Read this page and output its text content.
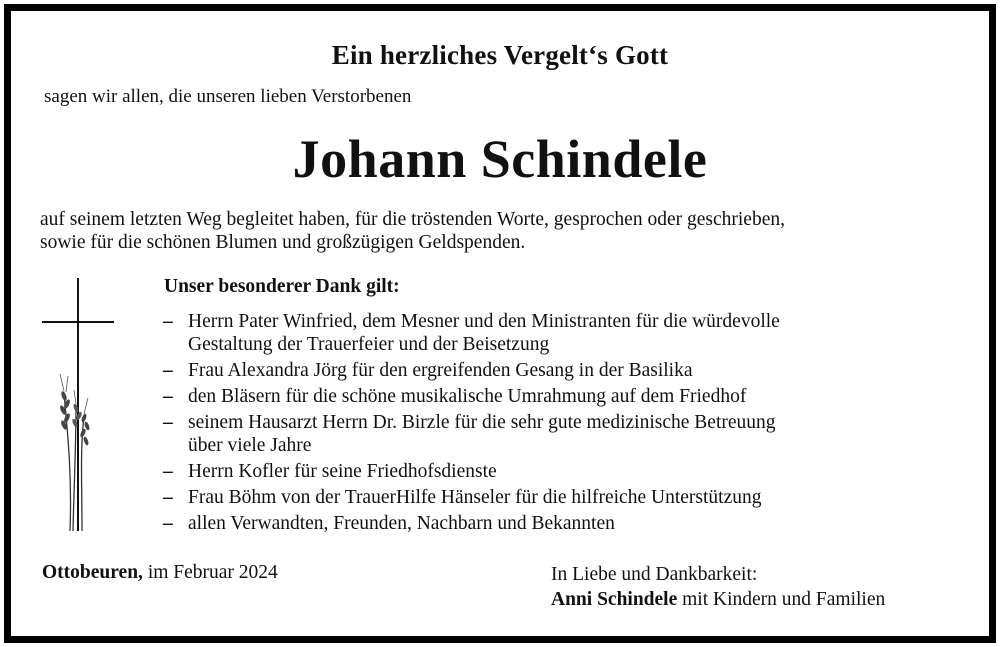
Ein herzliches Vergelt‘s Gott
sagen wir allen, die unseren lieben Verstorbenen
Johann Schindele

auf seinem letzten Weg begleitet haben, für die tröstenden Worte, gesprochen oder geschrieben,

sowie für die schönen Blumen und großzügigen Geldspenden.

Unser besonderer Dank gilt:
– Herrn Pater Winfried, dem Mesner und den Ministranten für die würdevolle
Gestaltung der Trauerfeier und der Beisetzung
– Frau Alexandra Jörg für den ergreifenden Gesang in der Basilika
– den Bläsern für die schöne musikalische Umrahmung auf dem Friedhof
– seinem Hausarzt Herrn Dr. Birzle für die sehr gute medizinische Betreuung
über viele Jahre
– Herrn Kofler für seine Friedhofsdienste
– Frau Böhm von der TrauerHilfe Hänseler für die hilfreiche Unterstützung
– allen Verwandten, Freunden, Nachbarn und Bekannten
Ottobeuren, im Februar 2024	In Liebe und Dankbarkeit:
Anni Schindele mit Kindern und Familien
